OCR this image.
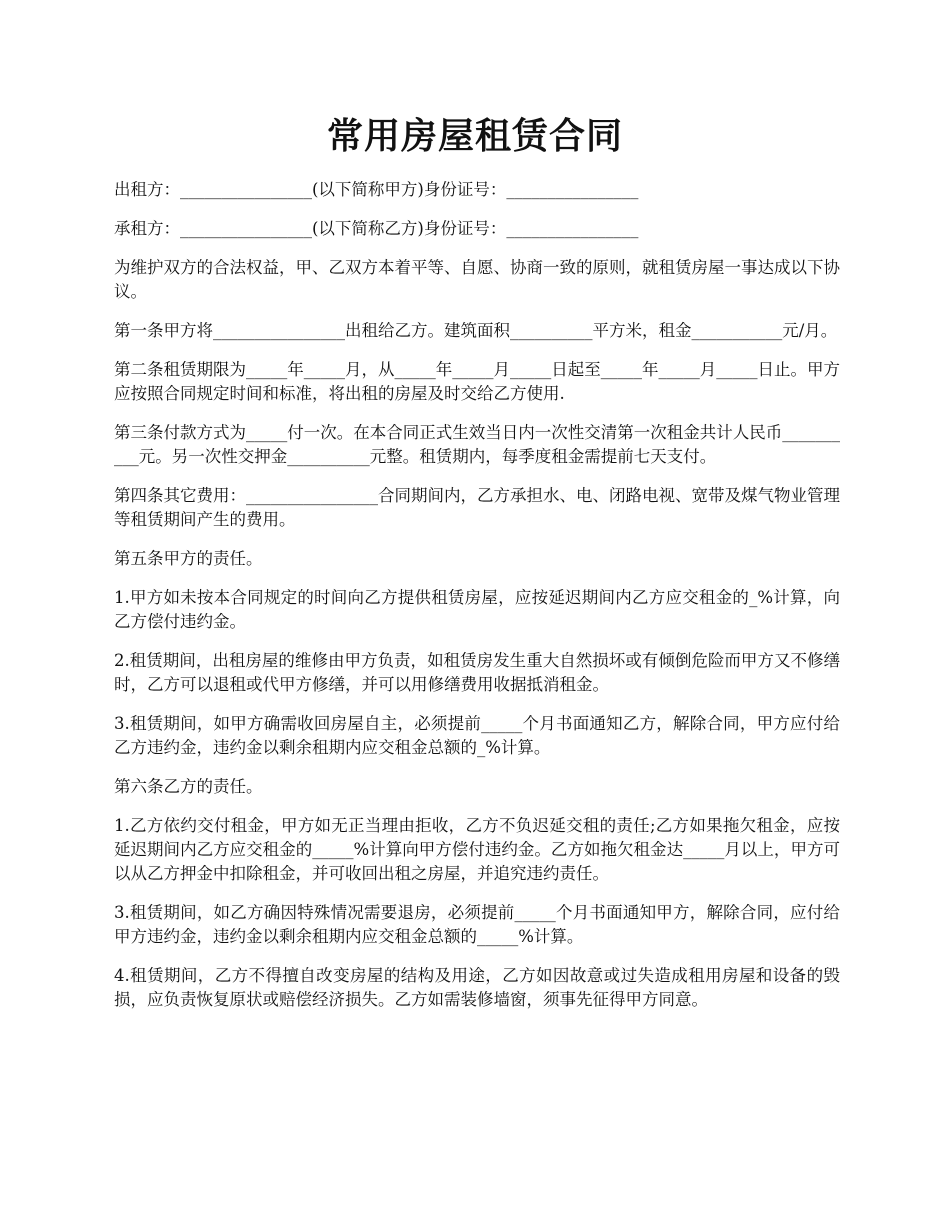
常用房屋租赁合同

出租方：________________(以下简称甲方)身份证号：________________

承租方：________________(以下简称乙方)身份证号：________________

为维护双方的合法权益，甲、乙双方本着平等、自愿、协商一致的原则，就租赁房屋一事达成以下协议。

第一条甲方将________________出租给乙方。建筑面积__________平方米，租金___________元/月。

第二条租赁期限为_____年_____月，从_____年_____月_____日起至_____年_____月_____日止。甲方应按照合同规定时间和标准，将出租的房屋及时交给乙方使用.

第三条付款方式为_____付一次。在本合同正式生效当日内一次性交清第一次租金共计人民币__________元。另一次性交押金__________元整。租赁期内，每季度租金需提前七天支付。

第四条其它费用：________________合同期间内，乙方承担水、电、闭路电视、宽带及煤气物业管理等租赁期间产生的费用。

第五条甲方的责任。

1.甲方如未按本合同规定的时间向乙方提供租赁房屋，应按延迟期间内乙方应交租金的_%计算，向乙方偿付违约金。

2.租赁期间，出租房屋的维修由甲方负责，如租赁房发生重大自然损坏或有倾倒危险而甲方又不修缮时，乙方可以退租或代甲方修缮，并可以用修缮费用收据抵消租金。

3.租赁期间，如甲方确需收回房屋自主，必须提前_____个月书面通知乙方，解除合同，甲方应付给乙方违约金，违约金以剩余租期内应交租金总额的_%计算。

第六条乙方的责任。

1.乙方依约交付租金，甲方如无正当理由拒收，乙方不负迟延交租的责任;乙方如果拖欠租金，应按延迟期间内乙方应交租金的_____%计算向甲方偿付违约金。乙方如拖欠租金达_____月以上，甲方可以从乙方押金中扣除租金，并可收回出租之房屋，并追究违约责任。

3.租赁期间，如乙方确因特殊情况需要退房，必须提前_____个月书面通知甲方，解除合同，应付给甲方违约金，违约金以剩余租期内应交租金总额的_____%计算。

4.租赁期间，乙方不得擅自改变房屋的结构及用途，乙方如因故意或过失造成租用房屋和设备的毁损，应负责恢复原状或赔偿经济损失。乙方如需装修墙窗，须事先征得甲方同意。
